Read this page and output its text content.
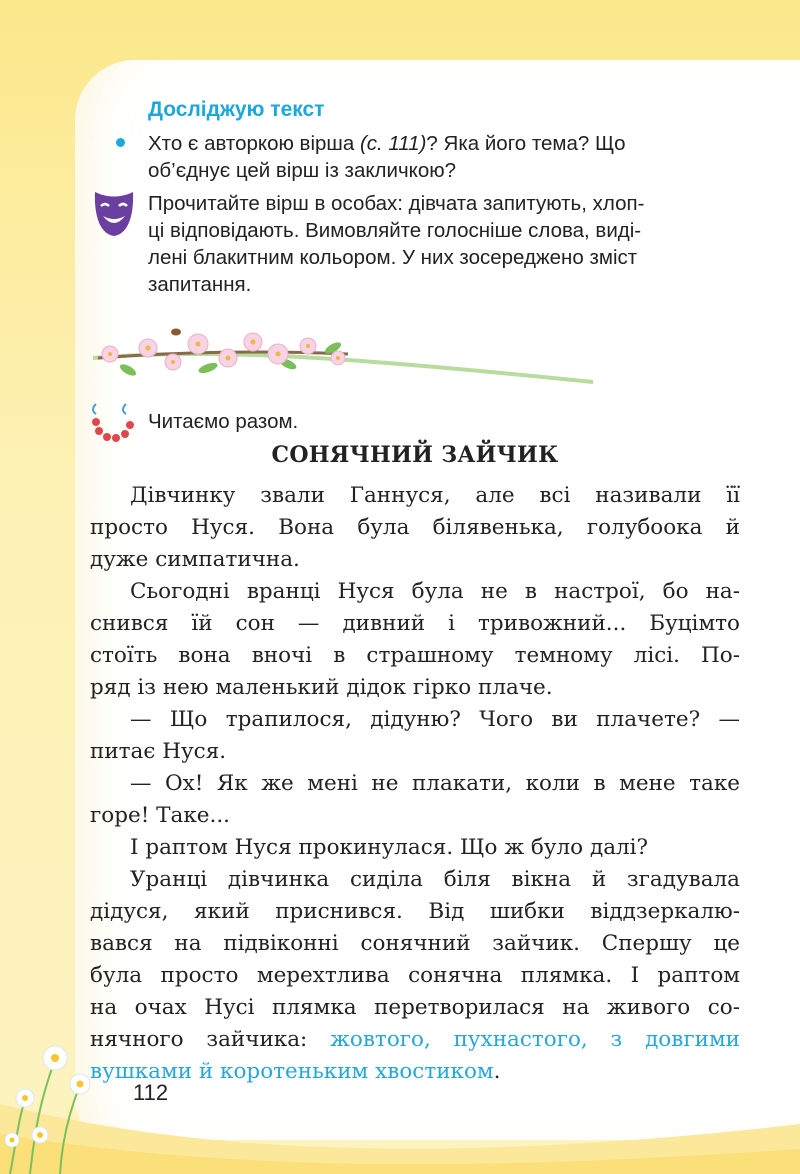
Досліджую текст

Хто є авторкою вірша (с. 111)? Яка його тема? Що

об’єднує цей вірш із закличкою?

Прочитайте вірш в особах: дівчата запитують, хлоп-

ці відповідають. Вимовляйте голосніше слова, виді-

лені блакитним кольором. У них зосереджено зміст

запитання.

Читаємо разом.

СОНЯЧНИЙ ЗАЙЧИК

Дівчинку звали Ганнуся, але всі називали її

просто Нуся. Вона була білявенька, голубоока й

дуже симпатична.

Сьогодні вранці Нуся була не в настрої, бо на-

снився їй сон — дивний і тривожний... Буцімто

стоїть вона вночі в страшному темному лісі. По-

ряд із нею маленький дідок гірко плаче.

— Що трапилося, дідуню? Чого ви плачете? —

питає Нуся.

— Ох! Як же мені не плакати, коли в мене таке

горе! Таке...

І раптом Нуся прокинулася. Що ж було далі?

Уранці дівчинка сиділа біля вікна й згадувала

дідуся, який приснився. Від шибки віддзеркалю-

вався на підвіконні сонячний зайчик. Спершу це

була просто мерехтлива сонячна плямка. І раптом

на очах Нусі плямка перетворилася на живого со-

нячного зайчика: жовтого, пухнастого, з довгими

вушками й коротеньким хвостиком.

112
